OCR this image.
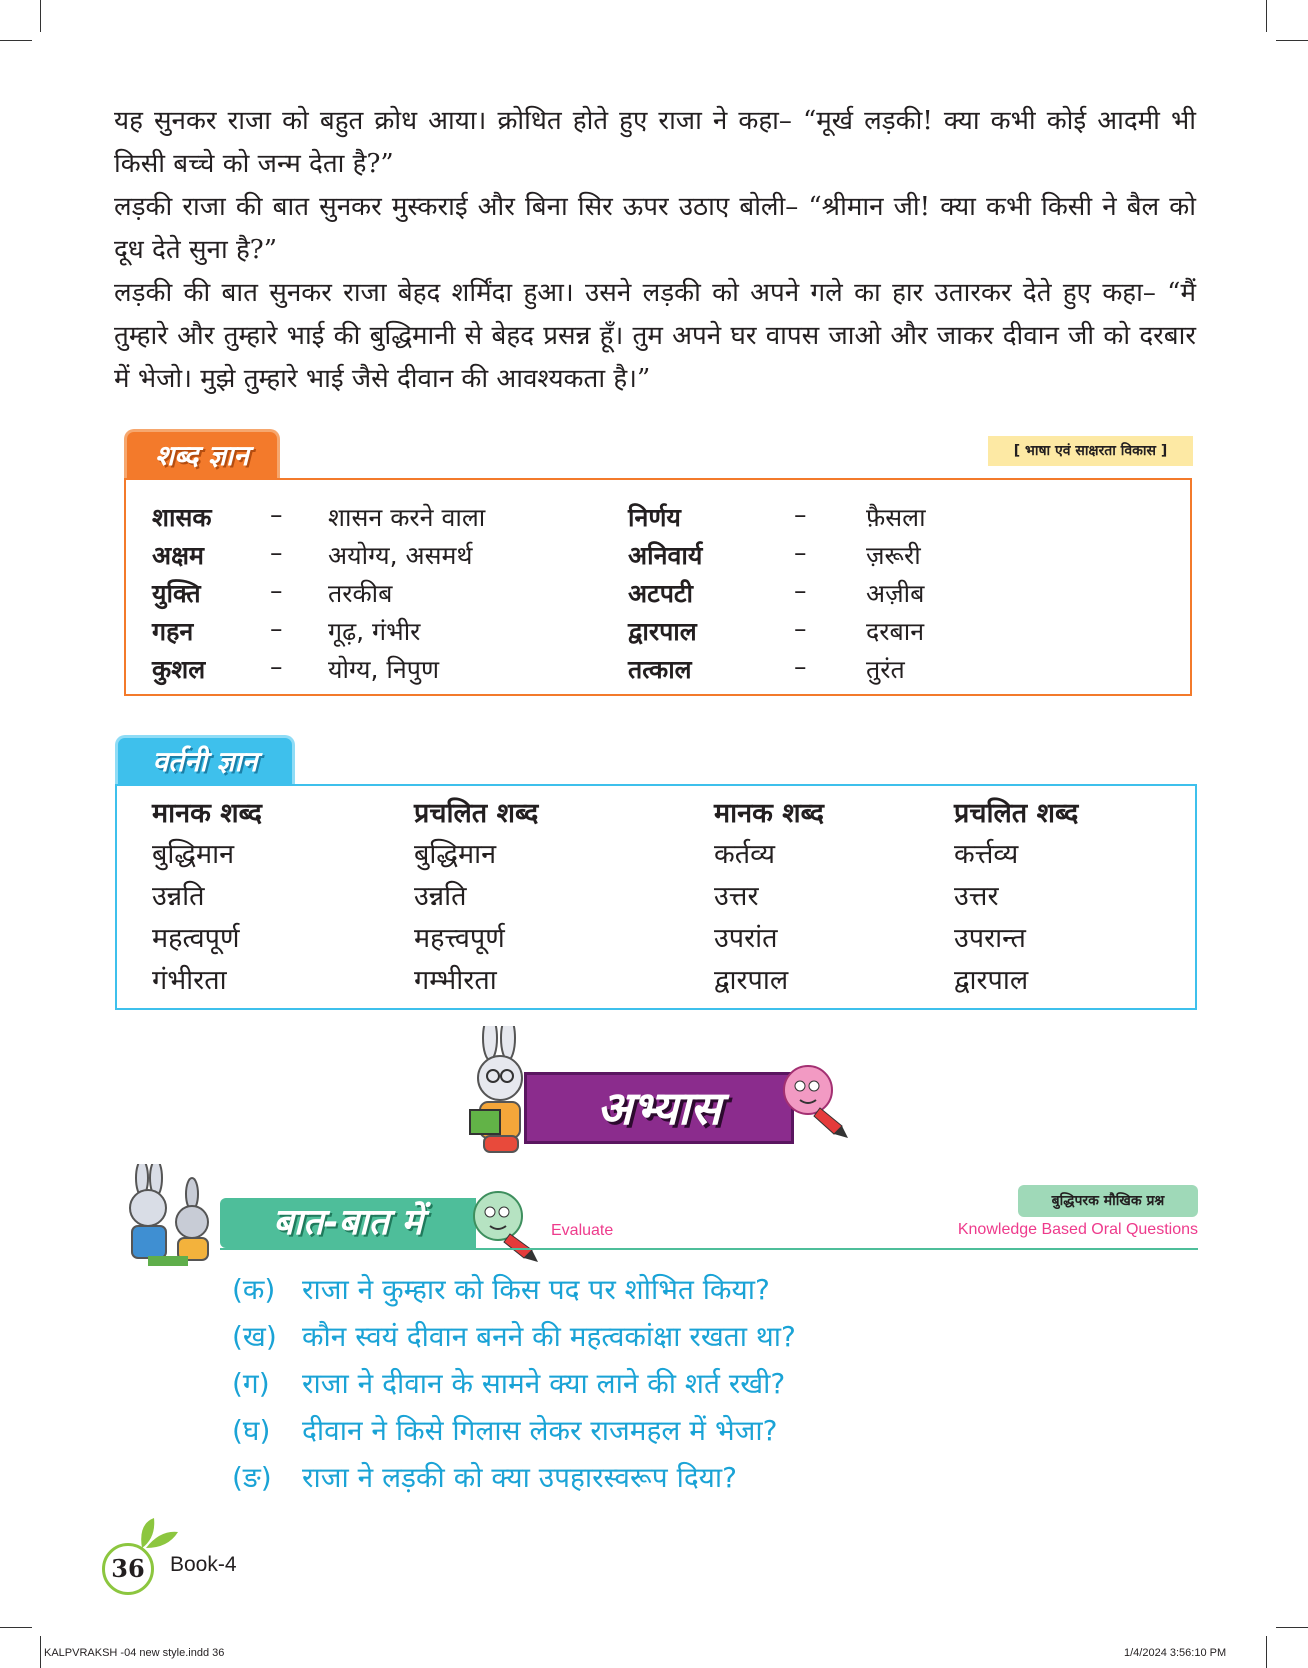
यह सुनकर राजा को बहुत क्रोध आया। क्रोधित होते हुए राजा ने कहा– “मूर्ख लड़की! क्या कभी कोई आदमी भी किसी बच्चे को जन्म देता है?”

लड़की राजा की बात सुनकर मुस्कराई और बिना सिर ऊपर उठाए बोली– “श्रीमान जी! क्या कभी किसी ने बैल को दूध देते सुना है?”

लड़की की बात सुनकर राजा बेहद शर्मिंदा हुआ। उसने लड़की को अपने गले का हार उतारकर देते हुए कहा– “मैं तुम्हारे और तुम्हारे भाई की बुद्धिमानी से बेहद प्रसन्न हूँ। तुम अपने घर वापस जाओ और जाकर दीवान जी को दरबार में भेजो। मुझे तुम्हारे भाई जैसे दीवान की आवश्यकता है।”

शब्द ज्ञान	[ भाषा एवं साक्षरता विकास ]
शासक – शासन करने वाला	निर्णय	– फ़ैसला
अक्षम	– अयोग्य, असमर्थ	अनिवार्य	– ज़रूरी
युक्ति	– तरकीब	अटपटी	– अज़ीब
गहन	– गूढ़, गंभीर	द्वारपाल	– दरबान
कुशल	– योग्य, निपुण	तत्काल	– तुरंत
वर्तनी ज्ञान
मानक शब्द	प्रचलित शब्द	मानक शब्द	प्रचलित शब्द
बुद्धिमान	बुद्धिमान	कर्तव्य	कर्त्तव्य
उन्नति	उन्नति	उत्तर	उत्तर
महत्वपूर्ण	महत्त्वपूर्ण	उपरांत	उपरान्त
गंभीरता	गम्भीरता	द्वारपाल	द्वारपाल
अभ्यास
बात-बात में	Evaluate
बुद्धिपरक मौखिक प्रश्न
Knowledge Based Oral Questions
(क) राजा ने कुम्हार को किस पद पर शोभित किया?
(ख) कौन स्वयं दीवान बनने की महत्वकांक्षा रखता था?
(ग) राजा ने दीवान के सामने क्या लाने की शर्त रखी?
(घ) दीवान ने किसे गिलास लेकर राजमहल में भेजा?
(ङ) राजा ने लड़की को क्या उपहारस्वरूप दिया?
36	Book-4
KALPVRAKSH -04 new style.indd 36	1/4/2024 3:56:10 PM
